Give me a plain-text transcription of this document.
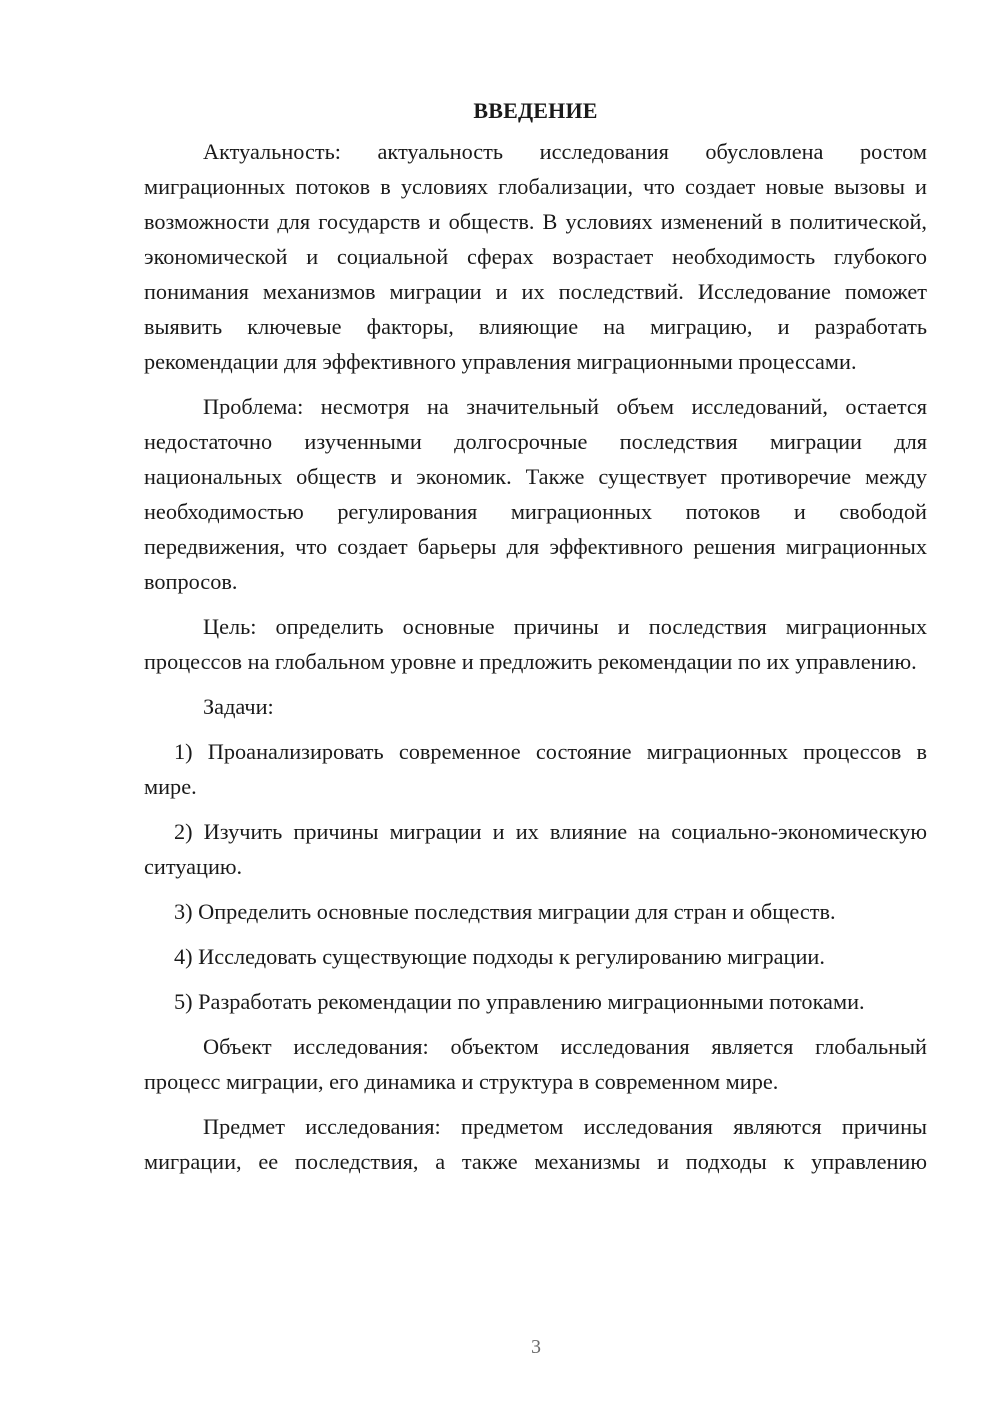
ВВЕДЕНИЕ

Актуальность: актуальность исследования обусловлена ростом миграционных потоков в условиях глобализации, что создает новые вызовы и возможности для государств и обществ. В условиях изменений в политической, экономической и социальной сферах возрастает необходимость глубокого понимания механизмов миграции и их последствий. Исследование поможет выявить ключевые факторы, влияющие на миграцию, и разработать рекомендации для эффективного управления миграционными процессами.

Проблема: несмотря на значительный объем исследований, остается недостаточно изученными долгосрочные последствия миграции для национальных обществ и экономик. Также существует противоречие между необходимостью регулирования миграционных потоков и свободой передвижения, что создает барьеры для эффективного решения миграционных вопросов.

Цель: определить основные причины и последствия миграционных процессов на глобальном уровне и предложить рекомендации по их управлению.

Задачи:

1) Проанализировать современное состояние миграционных процессов в мире.

2) Изучить причины миграции и их влияние на социально-экономическую ситуацию.

3) Определить основные последствия миграции для стран и обществ.

4) Исследовать существующие подходы к регулированию миграции.

5) Разработать рекомендации по управлению миграционными потоками.

Объект исследования: объектом исследования является глобальный процесс миграции, его динамика и структура в современном мире.

Предмет исследования: предметом исследования являются причины миграции, ее последствия, а также механизмы и подходы к управлению

3
